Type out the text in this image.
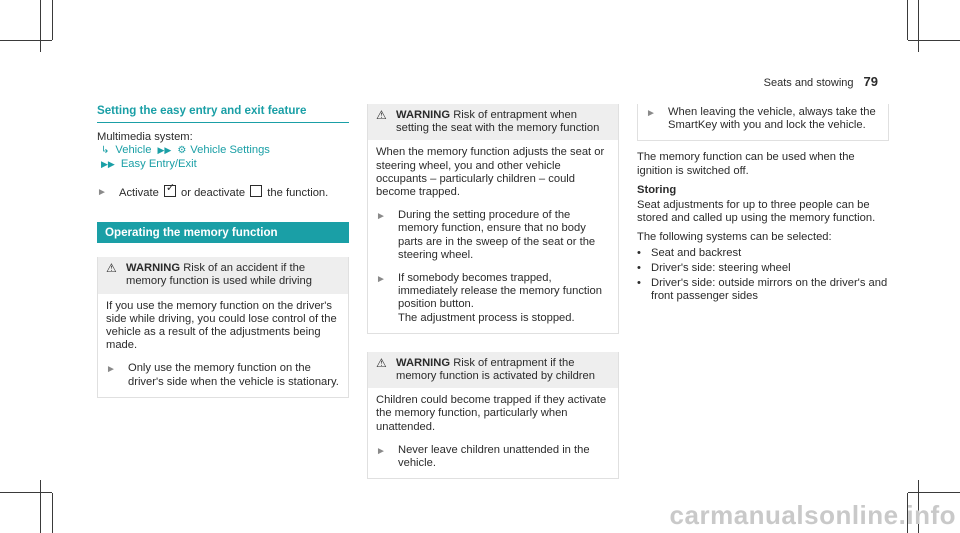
Seats and stowing 79
Setting the easy entry and exit feature

Multimedia system:

↳ Vehicle ▶▶ ⚙ Vehicle Settings
▶▶ Easy Entry/Exit
►	Activate ✓ or deactivate the function.
Operating the memory function
⚠ WARNING Risk of an accident if the memory function is used while driving

If you use the memory function on the driver's side while driving, you could lose control of the vehicle as a result of the adjustments being made.

►	Only use the memory function on the driver's side when the vehicle is stationary.
⚠ WARNING Risk of entrapment when setting the seat with the memory function

When the memory function adjusts the seat or steering wheel, you and other vehicle occupants – particularly children – could become trapped.

►	During the setting procedure of the memory function, ensure that no body parts are in the sweep of the seat or the steering wheel.
►	If somebody becomes trapped, immediately release the memory function position button.
The adjustment process is stopped.
⚠ WARNING Risk of entrapment if the memory function is activated by children

Children could become trapped if they activate the memory function, particularly when unattended.

►	Never leave children unattended in the vehicle.
►	When leaving the vehicle, always take the SmartKey with you and lock the vehicle.

The memory function can be used when the ignition is switched off.

Storing

Seat adjustments for up to three people can be stored and called up using the memory function.

The following systems can be selected:

• Seat and backrest
• Driver's side: steering wheel
• Driver's side: outside mirrors on the driver's and front passenger sides
carmanualsonline.info
